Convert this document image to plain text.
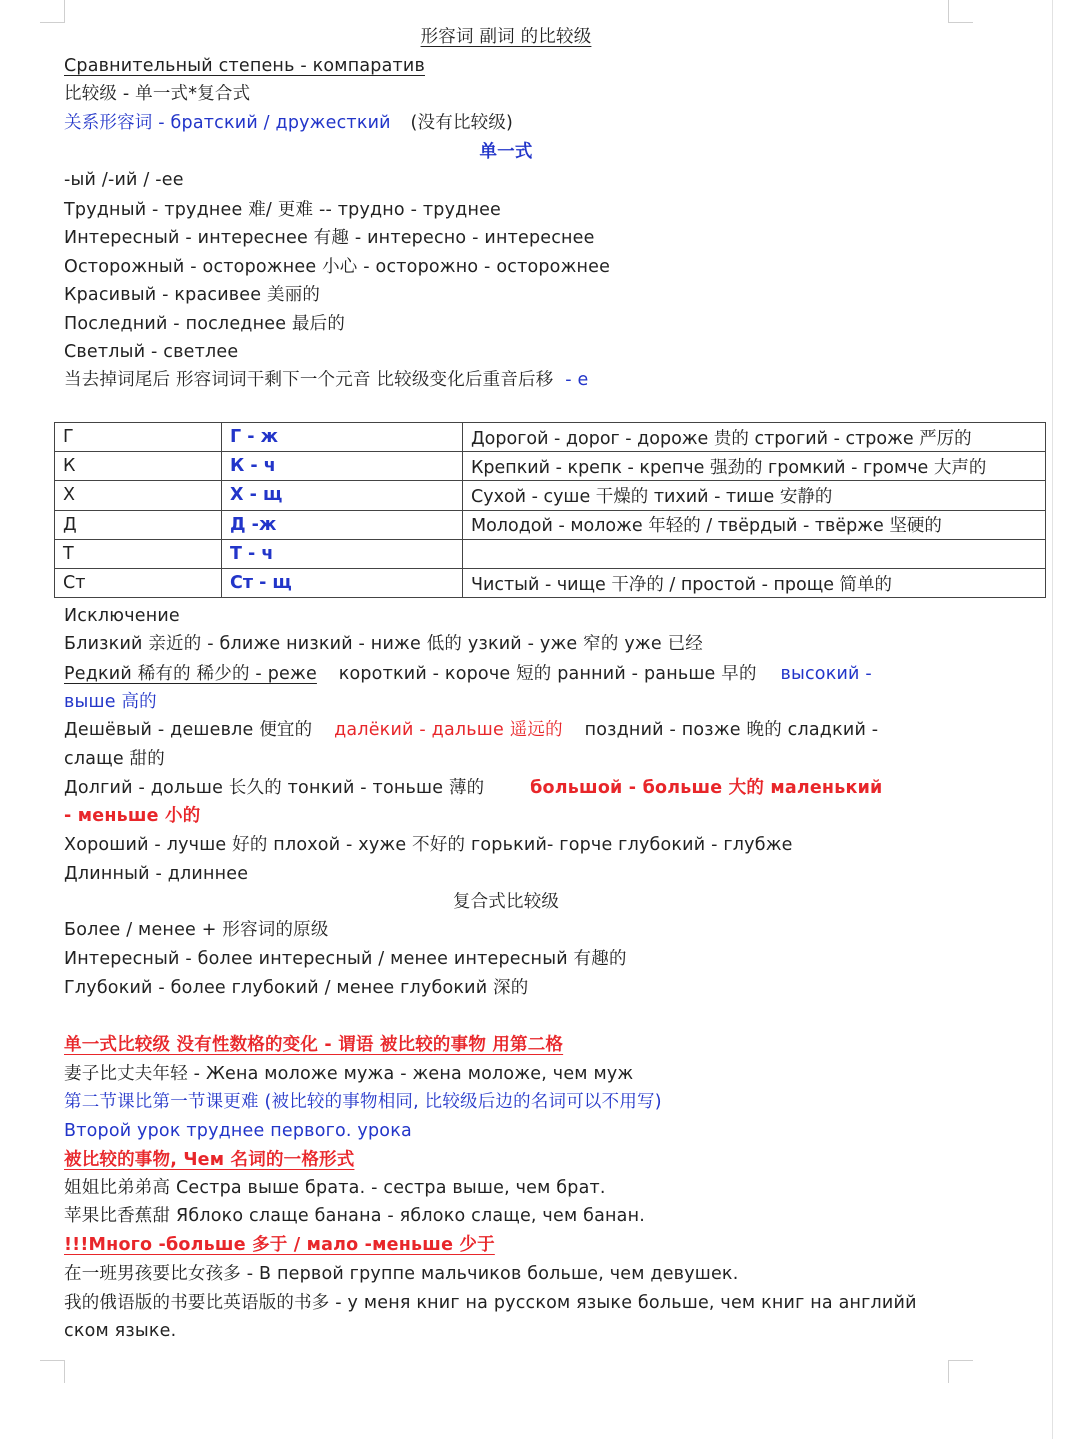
形容词 副词 的比较级
Сравнительный степень - компаратив
比较级 - 单一式*复合式
关系形容词 - братский / дружесткий (没有比较级)
单一式
-ый /-ий / -ее
Трудный - труднее 难/ 更难 -- трудно - труднее
Интересный - интереснее 有趣 - интересно - интереснее
Осторожный - осторожнее 小心 - осторожно - осторожнее
Красивый - красивее 美丽的
Последний - последнее 最后的
Светлый - светлее
当去掉词尾后 形容词词干剩下一个元音 比较级变化后重音后移 - е
Г	Г - ж	Дорогой - дорог - дороже 贵的 строгий - строже 严厉的
К	К - ч	Крепкий - крепк - крепче 强劲的 громкий - громче 大声的
Х	Х - щ	Сухой - суше 干燥的 тихий - тише 安静的
Д	Д -ж	Молодой - моложе 年轻的 / твёрдый - твёрже 坚硬的
Т	Т - ч	
Ст	Ст - щ	Чистый - чище 干净的 / простой - проще 简单的
Исключение
Близкий 亲近的 - ближе низкий - ниже 低的 узкий - уже 窄的 уже 已经
Редкий 稀有的 稀少的 - реже короткий - короче 短的 ранний - раньше 早的 высокий -
выше 高的
Дешёвый - дешевле 便宜的 далёкий - дальше 遥远的 поздний - позже 晚的 сладкий -
слаще 甜的
Долгий - дольше 长久的 тонкий - тоньше 薄的	большой - больше 大的 маленький
- меньше 小的
Хороший - лучше 好的 плохой - хуже 不好的 горький- горче глубокий - глубже
Длинный - длиннее
复合式比较级
Более / менее + 形容词的原级
Интересный - более интересный / менее интересный 有趣的
Глубокий - более глубокий / менее глубокий 深的
单一式比较级 没有性数格的变化 - 谓语 被比较的事物 用第二格
妻子比丈夫年轻 - Жена моложе мужа - жена моложе, чем муж
第二节课比第一节课更难 (被比较的事物相同, 比较级后边的名词可以不用写)
Второй урок труднее первого. урока
被比较的事物, Чем 名词的一格形式
姐姐比弟弟高 Сестра выше брата. - сестра выше, чем брат.
苹果比香蕉甜 Яблоко слаще банана - яблоко слаще, чем банан.
!!!Много -больше 多于 / мало -меньше 少于
在一班男孩要比女孩多 - В первой группе мальчиков больше, чем девушек.
我的俄语版的书要比英语版的书多 - у меня книг на русском языке больше, чем книг на английй
ском языке.
